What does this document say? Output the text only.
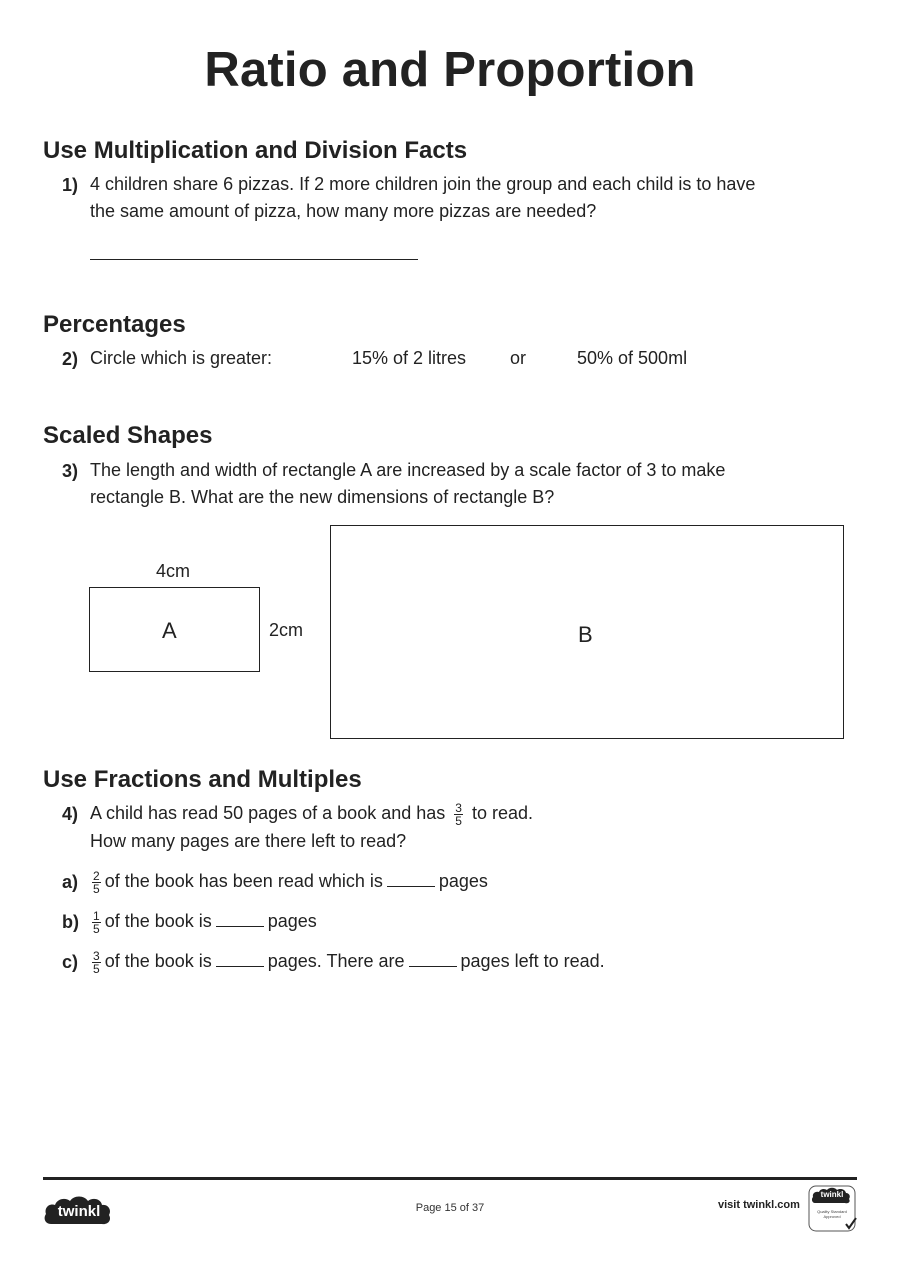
Ratio and Proportion
Use Multiplication and Division Facts
1) 4 children share 6 pizzas. If 2 more children join the group and each child is to have
the same amount of pizza, how many more pizzas are needed?
Percentages
2) Circle which is greater:	15% of 2 litres or	50% of 500ml
Scaled Shapes
3) The length and width of rectangle A are increased by a scale factor of 3 to make
rectangle B. What are the new dimensions of rectangle B?
4cm
A	2cm	B
Use Fractions and Multiples
4) A child has read 50 pages of a book and has $\frac{3}{5}$ to read.
How many pages are there left to read?
$a) \frac{2}{5}$ of the book has been read which is	pages
$b) \frac{1}{5}$ of the book is	pages
$c) \frac{3}{5}$ of the book is	pages. There are	pages left to read.
twinkl	Page 15 of 37	visit twinkl.com
twinkl
Quality Standard Approved
